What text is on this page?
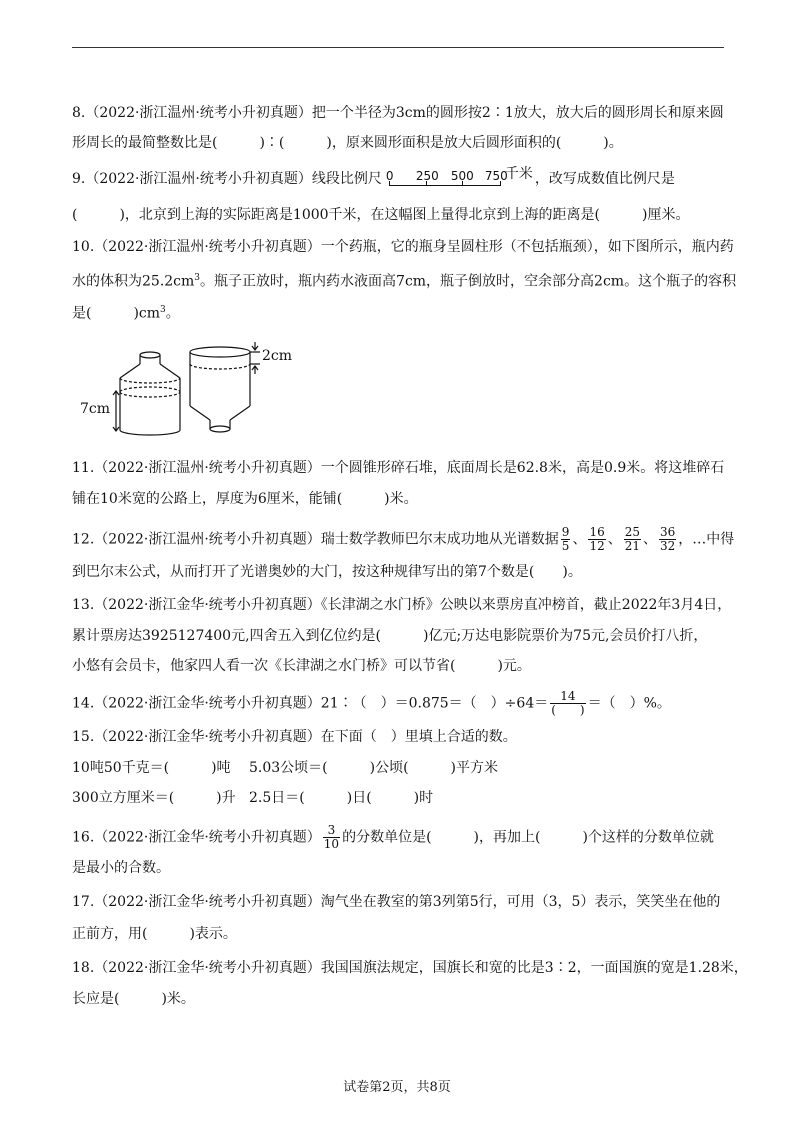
8.（2022·浙江温州·统考小升初真题）把一个半径为3cm的圆形按2∶1放大，放大后的圆形周长和原来圆
形周长的最简整数比是(　　　)∶(　　　)，原来圆形面积是放大后圆形面积的(　　　)。
9.（2022·浙江温州·统考小升初真题）线段比例尺 0 250 500 750
千米 ，改写成数值比例尺是
(　　　)，北京到上海的实际距离是1000千米，在这幅图上量得北京到上海的距离是(　　　)厘米。
10.（2022·浙江温州·统考小升初真题）一个药瓶，它的瓶身呈圆柱形（不包括瓶颈），如下图所示，瓶内药
水的体积为$25.2cm^3$。瓶子正放时，瓶内药水液面高7cm，瓶子倒放时，空余部分高2cm。这个瓶子的容积
是(　　　)$cm^3$。
7cm
2cm
11.（2022·浙江温州·统考小升初真题）一个圆锥形碎石堆，底面周长是62.8米，高是0.9米。将这堆碎石
铺在10米宽的公路上，厚度为6厘米，能铺(　　　)米。
12.（2022·浙江温州·统考小升初真题）瑞士数学教师巴尔末成功地从光谱数据 $\frac{9}{5}$ 、 $\frac{16}{12}$ 、 $\frac{25}{21}$ 、 $\frac{36}{32}$ ，…中得
到巴尔末公式，从而打开了光谱奥妙的大门，按这种规律写出的第7个数是(　　)。
13.（2022·浙江金华·统考小升初真题）《长津湖之水门桥》公映以来票房直冲榜首，截止2022年3月4日，
累计票房达3925127400元,四舍五入到亿位约是(　　　)亿元;万达电影院票价为75元,会员价打八折，
小悠有会员卡，他家四人看一次《长津湖之水门桥》可以节省(　　　)元。
14.（2022·浙江金华·统考小升初真题）21∶（　）＝0.875＝（　）$\div 64= \frac{14}{( )}$ ＝（　）%。
15.（2022·浙江金华·统考小升初真题）在下面（　）里填上合适的数。
10吨50千克＝(　　　)吨 5.03公顷＝(　　　)公顷(　　　)平方米
300立方厘米＝(　　　)升 2.5日＝(　　　)日(　　　)时
16.（2022·浙江金华·统考小升初真题） $\frac{3}{10}$ 的分数单位是(　　　)，再加上(　　　)个这样的分数单位就
是最小的合数。
17.（2022·浙江金华·统考小升初真题）淘气坐在教室的第3列第5行，可用（3，5）表示，笑笑坐在他的
正前方，用(　　　)表示。
18.（2022·浙江金华·统考小升初真题）我国国旗法规定，国旗长和宽的比是3∶2，一面国旗的宽是1.28米，
长应是(　　　)米。
试卷第2页，共8页
